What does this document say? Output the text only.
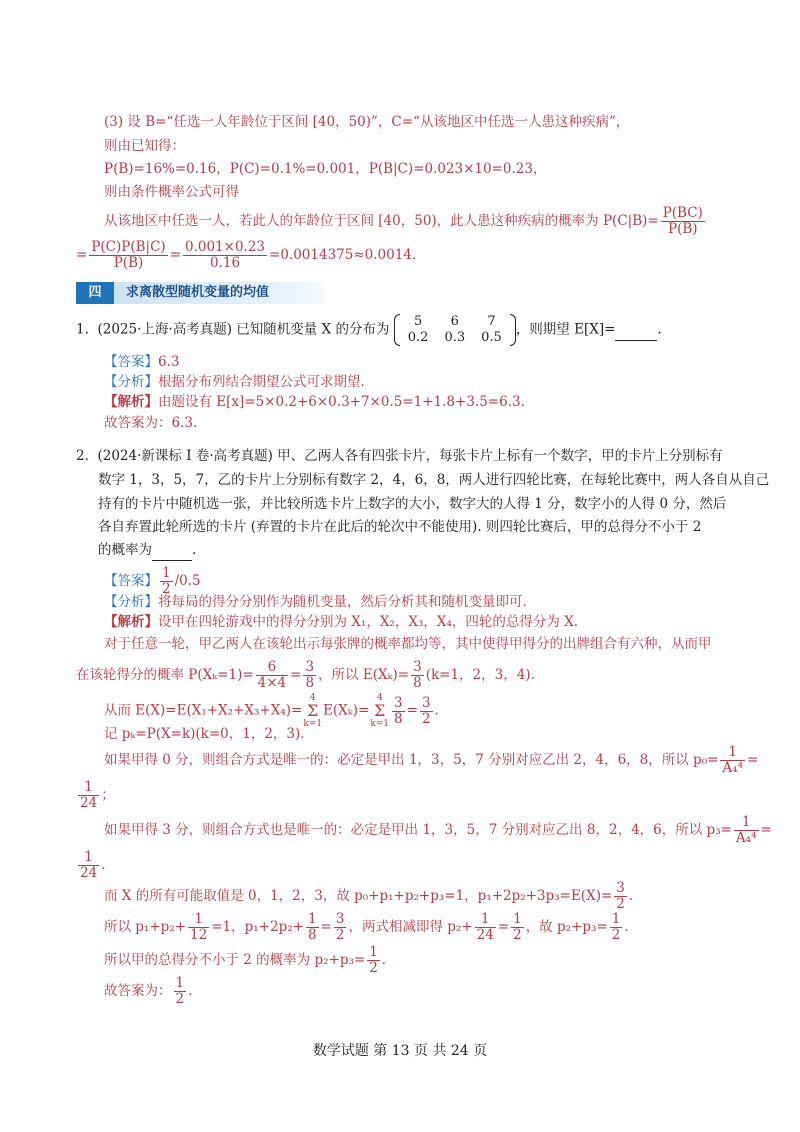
(3) 设 B=“任选一人年龄位于区间 [40，50)”，C=“从该地区中任选一人患这种疾病”，
则由已知得：
P(B)=16%=0.16，P(C)=0.1%=0.001，P(B|C)=0.023×10=0.23，
则由条件概率公式可得
从该地区中任选一人，若此人的年龄位于区间 [40，50)，此人患这种疾病的概率为 $P(C|B)= \frac{P(BC)}{P(B)}$
= $\frac{P(C)P(B|C)}{P(B)} = \frac{0.001\times 0.23}{0.16} =0.0014375\approx 0.0014$.
四	求离散型随机变量的均值
1. (2025·上海·高考真题) 已知随机变量 X 的分布为 5	6	7
0.2	0.3	0.5 ，则期望 E[X]=	.
【答案】6.3
【分析】根据分布列结合期望公式可求期望.
【解析】由题设有 E[x]=5×0.2+6×0.3+7×0.5=1+1.8+3.5=6.3.
故答案为：6.3.
2. (2024·新课标 I 卷·高考真题) 甲、乙两人各有四张卡片，每张卡片上标有一个数字，甲的卡片上分别标有
数字 1，3，5，7，乙的卡片上分别标有数字 2，4，6，8，两人进行四轮比赛，在每轮比赛中，两人各自从自己
持有的卡片中随机选一张，并比较所选卡片上数字的大小，数字大的人得 1 分，数字小的人得 0 分，然后
各自弃置此轮所选的卡片 (弃置的卡片在此后的轮次中不能使用). 则四轮比赛后，甲的总得分不小于 2
的概率为	.
【答案】 $\frac{1}{2} /0.5$
【分析】将每局的得分分别作为随机变量，然后分析其和随机变量即可.
【解析】设甲在四轮游戏中的得分分别为 X₁，X₂，X₃，X₄，四轮的总得分为 X.
对于任意一轮，甲乙两人在该轮出示每张牌的概率都均等，其中使得甲得分的出牌组合有六种，从而甲
在该轮得分的概率 $P(X_k=1)= \frac{6}{4\times 4} = \frac{3}{8}$ ，所以 $E(X_k)= \frac{3}{8} (k=1$，2，3，4).
从而 E(X)=E(X₁+X₂+X₃+X₄)=4
Σ
k=1E(Xₖ)=4
Σ
$k=1 \frac{3}{8} = \frac{3}{2}$ .
记 pₖ=P(X=k)(k=0，1，2，3).
如果甲得 0 分，则组合方式是唯一的：必定是甲出 1，3，5，7 分别对应乙出 2，4，6，8，所以 $p_0= \frac{1}{\text{A₄⁴}}$ =
$\frac{1}{24}$ ；
如果甲得 3 分，则组合方式也是唯一的：必定是甲出 1，3，5，7 分别对应乙出 8，2，4，6，所以 $p_3= \frac{1}{\text{A₄⁴}}$ =
$\frac{1}{24}$ .
而 X 的所有可能取值是 0，1，2，3，故 p₀+p₁+p₂+p₃=1，$p_1+2p_2+3p_3=E(X)= \frac{3}{2}$ .
所以 $p_1+p_2+ \frac{1}{12} =1$，$p_1+2p_2+ \frac{1}{8} = \frac{3}{2}$ ，两式相减即得 $p_2+ \frac{1}{24} = \frac{1}{2}$ ，故 $p_2+p_3= \frac{1}{2}$ .
所以甲的总得分不小于 2 的概率为 $p_2+p_3= \frac{1}{2}$ .
故答案为： $\frac{1}{2}$ .
数学试题 第 13 页 共 24 页
